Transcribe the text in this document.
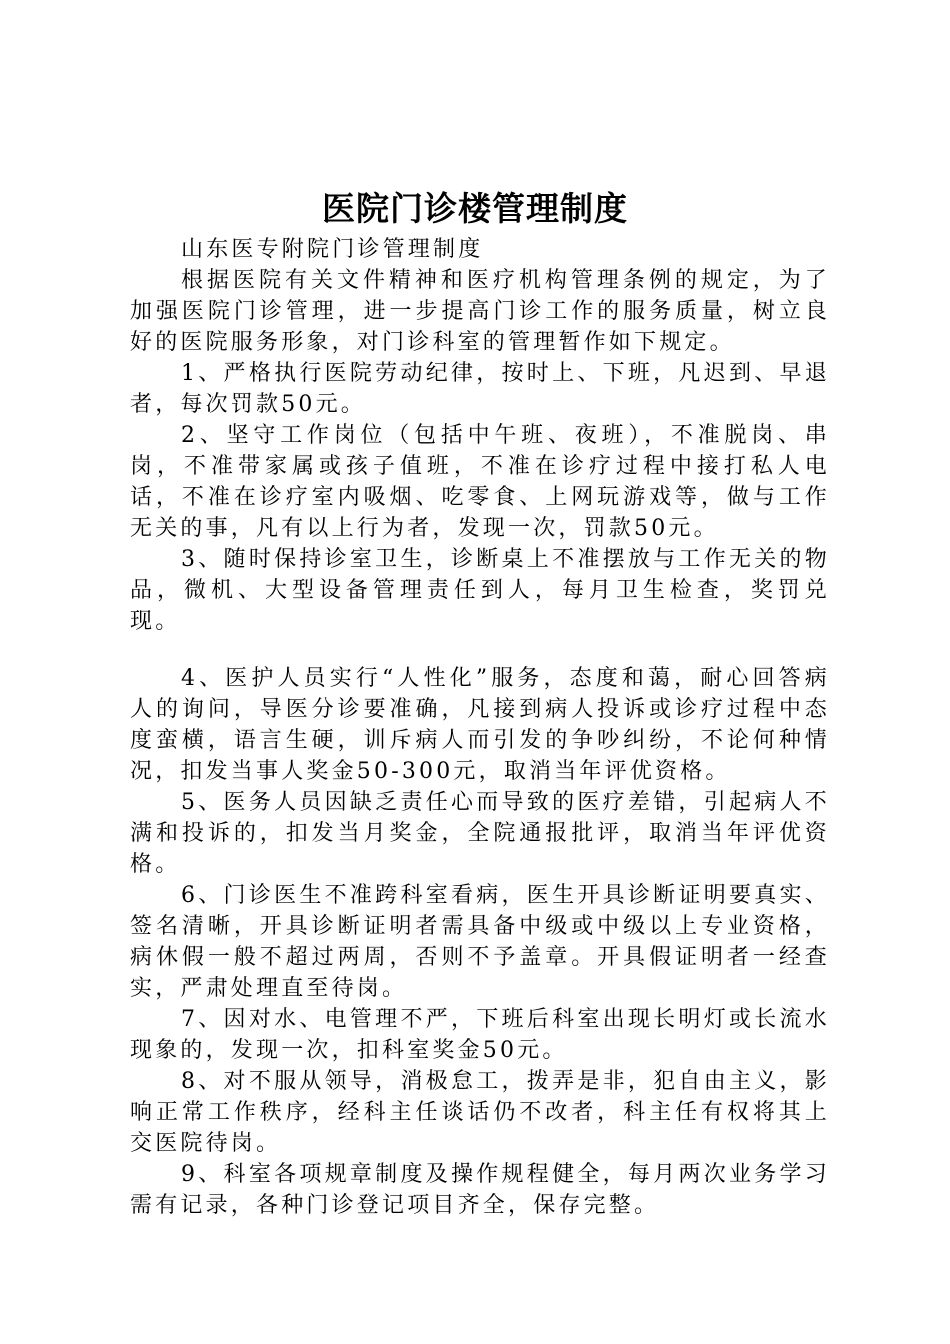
医院门诊楼管理制度

山东医专附院门诊管理制度

根据医院有关文件精神和医疗机构管理条例的规定，为了加强医院门诊管理，进一步提高门诊工作的服务质量，树立良好的医院服务形象，对门诊科室的管理暂作如下规定。

1、严格执行医院劳动纪律，按时上、下班，凡迟到、早退者，每次罚款50元。

2、坚守工作岗位（包括中午班、夜班），不准脱岗、串岗，不准带家属或孩子值班，不准在诊疗过程中接打私人电话，不准在诊疗室内吸烟、吃零食、上网玩游戏等，做与工作无关的事，凡有以上行为者，发现一次，罚款50元。

3、随时保持诊室卫生，诊断桌上不准摆放与工作无关的物品，微机、大型设备管理责任到人，每月卫生检查，奖罚兑现。

4、医护人员实行“人性化”服务，态度和蔼，耐心回答病人的询问，导医分诊要准确，凡接到病人投诉或诊疗过程中态度蛮横，语言生硬，训斥病人而引发的争吵纠纷，不论何种情况，扣发当事人奖金50-300元，取消当年评优资格。

5、医务人员因缺乏责任心而导致的医疗差错，引起病人不满和投诉的，扣发当月奖金，全院通报批评，取消当年评优资格。

6、门诊医生不准跨科室看病，医生开具诊断证明要真实、签名清晰，开具诊断证明者需具备中级或中级以上专业资格，病休假一般不超过两周，否则不予盖章。开具假证明者一经查实，严肃处理直至待岗。

7、因对水、电管理不严，下班后科室出现长明灯或长流水现象的，发现一次，扣科室奖金50元。

8、对不服从领导，消极怠工，拨弄是非，犯自由主义，影响正常工作秩序，经科主任谈话仍不改者，科主任有权将其上交医院待岗。

9、科室各项规章制度及操作规程健全，每月两次业务学习需有记录，各种门诊登记项目齐全，保存完整。
